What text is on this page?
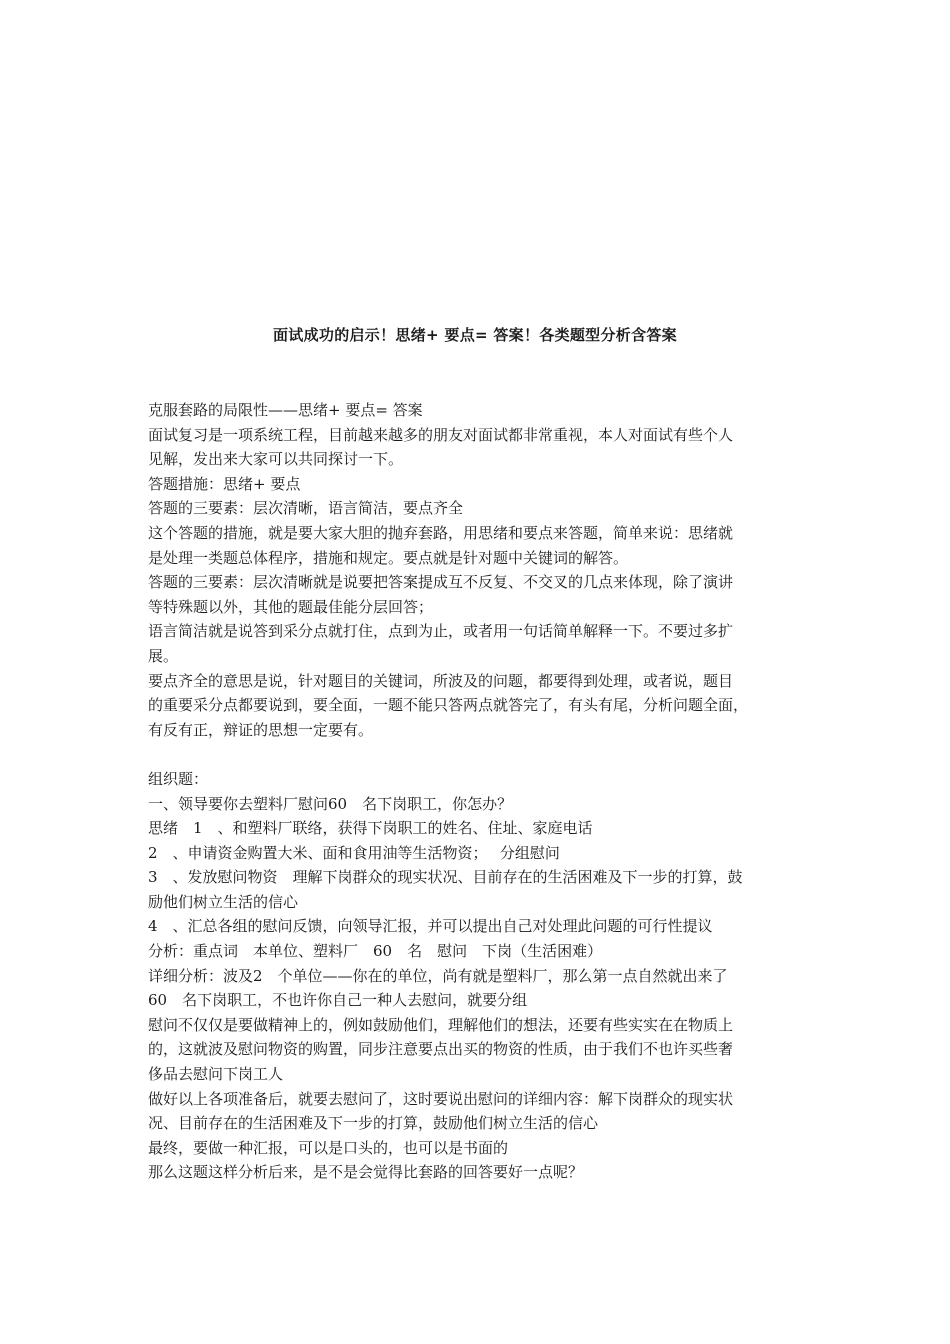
面试成功的启示！思绪+ 要点= 答案！各类题型分析含答案
克服套路的局限性——思绪+ 要点= 答案
面试复习是一项系统工程，目前越来越多的朋友对面试都非常重视，本人对面试有些个人
见解，发出来大家可以共同探讨一下。
答题措施：思绪+ 要点
答题的三要素：层次清晰，语言简洁，要点齐全
这个答题的措施，就是要大家大胆的抛弃套路，用思绪和要点来答题，简单来说：思绪就
是处理一类题总体程序，措施和规定。要点就是针对题中关键词的解答。
答题的三要素：层次清晰就是说要把答案提成互不反复、不交叉的几点来体现，除了演讲
等特殊题以外，其他的题最佳能分层回答；
语言简洁就是说答到采分点就打住，点到为止，或者用一句话简单解释一下。不要过多扩
展。
要点齐全的意思是说，针对题目的关键词，所波及的问题，都要得到处理，或者说，题目
的重要采分点都要说到，要全面，一题不能只答两点就答完了，有头有尾，分析问题全面，
有反有正，辩证的思想一定要有。
组织题：
一、领导要你去塑料厂慰问60　名下岗职工，你怎办？
思绪　1　、和塑料厂联络，获得下岗职工的姓名、住址、家庭电话
2　、申请资金购置大米、面和食用油等生活物资；　 分组慰问
3　、发放慰问物资　理解下岗群众的现实状况、目前存在的生活困难及下一步的打算，鼓
励他们树立生活的信心
4　、汇总各组的慰问反馈，向领导汇报，并可以提出自己对处理此问题的可行性提议
分析：重点词　本单位、塑料厂　60　名　慰问　下岗（生活困难）
详细分析：波及2　个单位——你在的单位，尚有就是塑料厂，那么第一点自然就出来了
60　名下岗职工，不也许你自己一种人去慰问，就要分组
慰问不仅仅是要做精神上的，例如鼓励他们，理解他们的想法，还要有些实实在在物质上
的，这就波及慰问物资的购置，同步注意要点出买的物资的性质，由于我们不也许买些奢
侈品去慰问下岗工人
做好以上各项准备后，就要去慰问了，这时要说出慰问的详细内容：解下岗群众的现实状
况、目前存在的生活困难及下一步的打算，鼓励他们树立生活的信心
最终，要做一种汇报，可以是口头的，也可以是书面的
那么这题这样分析后来，是不是会觉得比套路的回答要好一点呢？
